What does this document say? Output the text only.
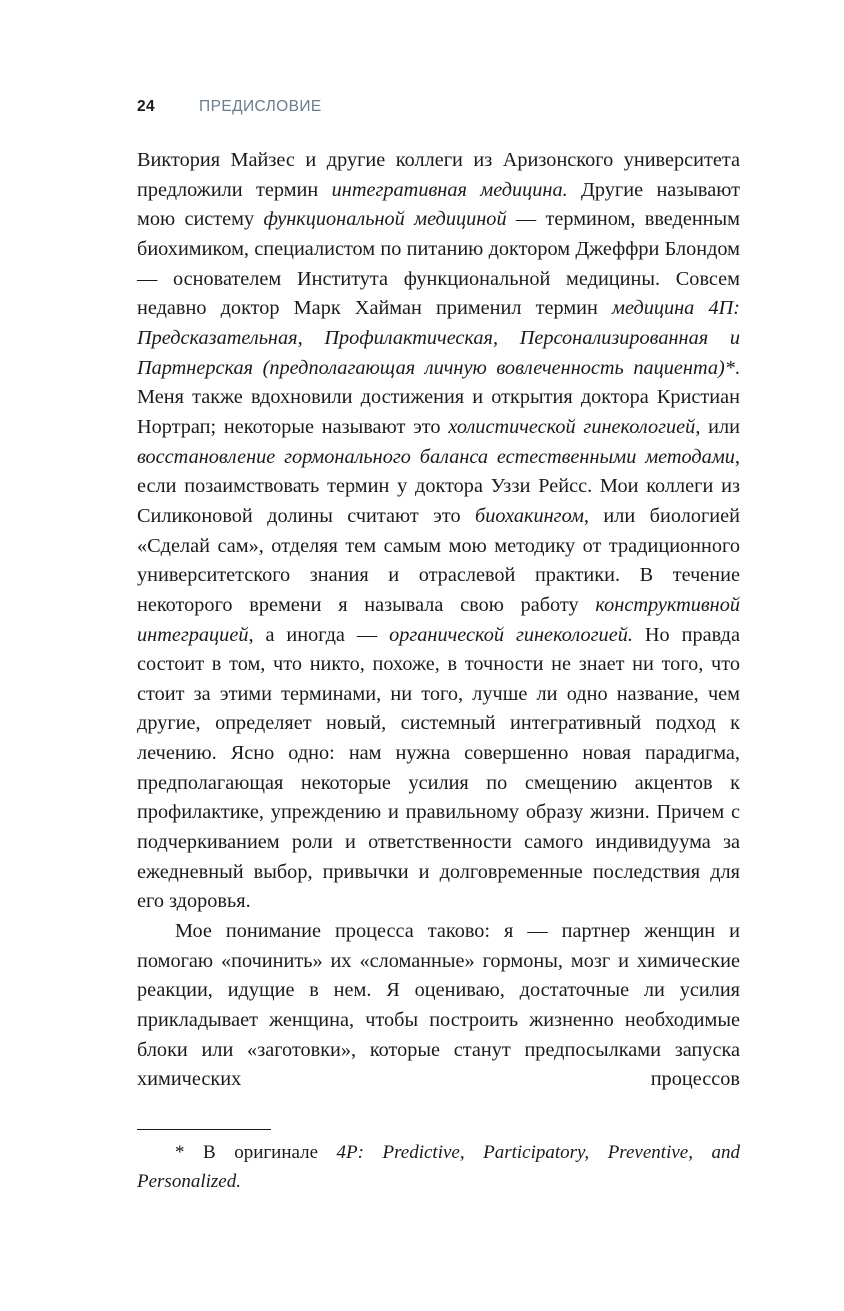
24	ПРЕДИСЛОВИЕ

Виктория Майзес и другие коллеги из Аризонского университета предложили термин интегративная медицина. Другие называют мою систему функциональной медициной — термином, введенным биохимиком, специалистом по питанию доктором Джеффри Блондом — основателем Института функциональной медицины. Совсем недавно доктор Марк Хайман применил термин медицина 4П: Предсказательная, Профилактическая, Персонализированная и Партнерская (предполагающая личную вовлеченность пациента)*. Меня также вдохновили достижения и открытия доктора Кристиан Нортрап; некоторые называют это холистической гинекологией, или восстановление гормонального баланса естественными методами, если позаимствовать термин у доктора Уззи Рейсс. Мои коллеги из Силиконовой долины считают это биохакингом, или биологией «Сделай сам», отделяя тем самым мою методику от традиционного университетского знания и отраслевой практики. В течение некоторого времени я называла свою работу конструктивной интеграцией, а иногда — органической гинекологией. Но правда состоит в том, что никто, похоже, в точности не знает ни того, что стоит за этими терминами, ни того, лучше ли одно название, чем другие, определяет новый, системный интегративный подход к лечению. Ясно одно: нам нужна совершенно новая парадигма, предполагающая некоторые усилия по смещению акцентов к профилактике, упреждению и правильному образу жизни. Причем с подчеркиванием роли и ответственности самого индивидуума за ежедневный выбор, привычки и долговременные последствия для его здоровья.

Мое понимание процесса таково: я — партнер женщин и помогаю «починить» их «сломанные» гормоны, мозг и химические реакции, идущие в нем. Я оцениваю, достаточные ли усилия прикладывает женщина, чтобы построить жизненно необходимые блоки или «заготовки», которые станут предпосылками запуска химических процессов

* В оригинале 4P: Predictive, Participatory, Preventive, and Personalized.
